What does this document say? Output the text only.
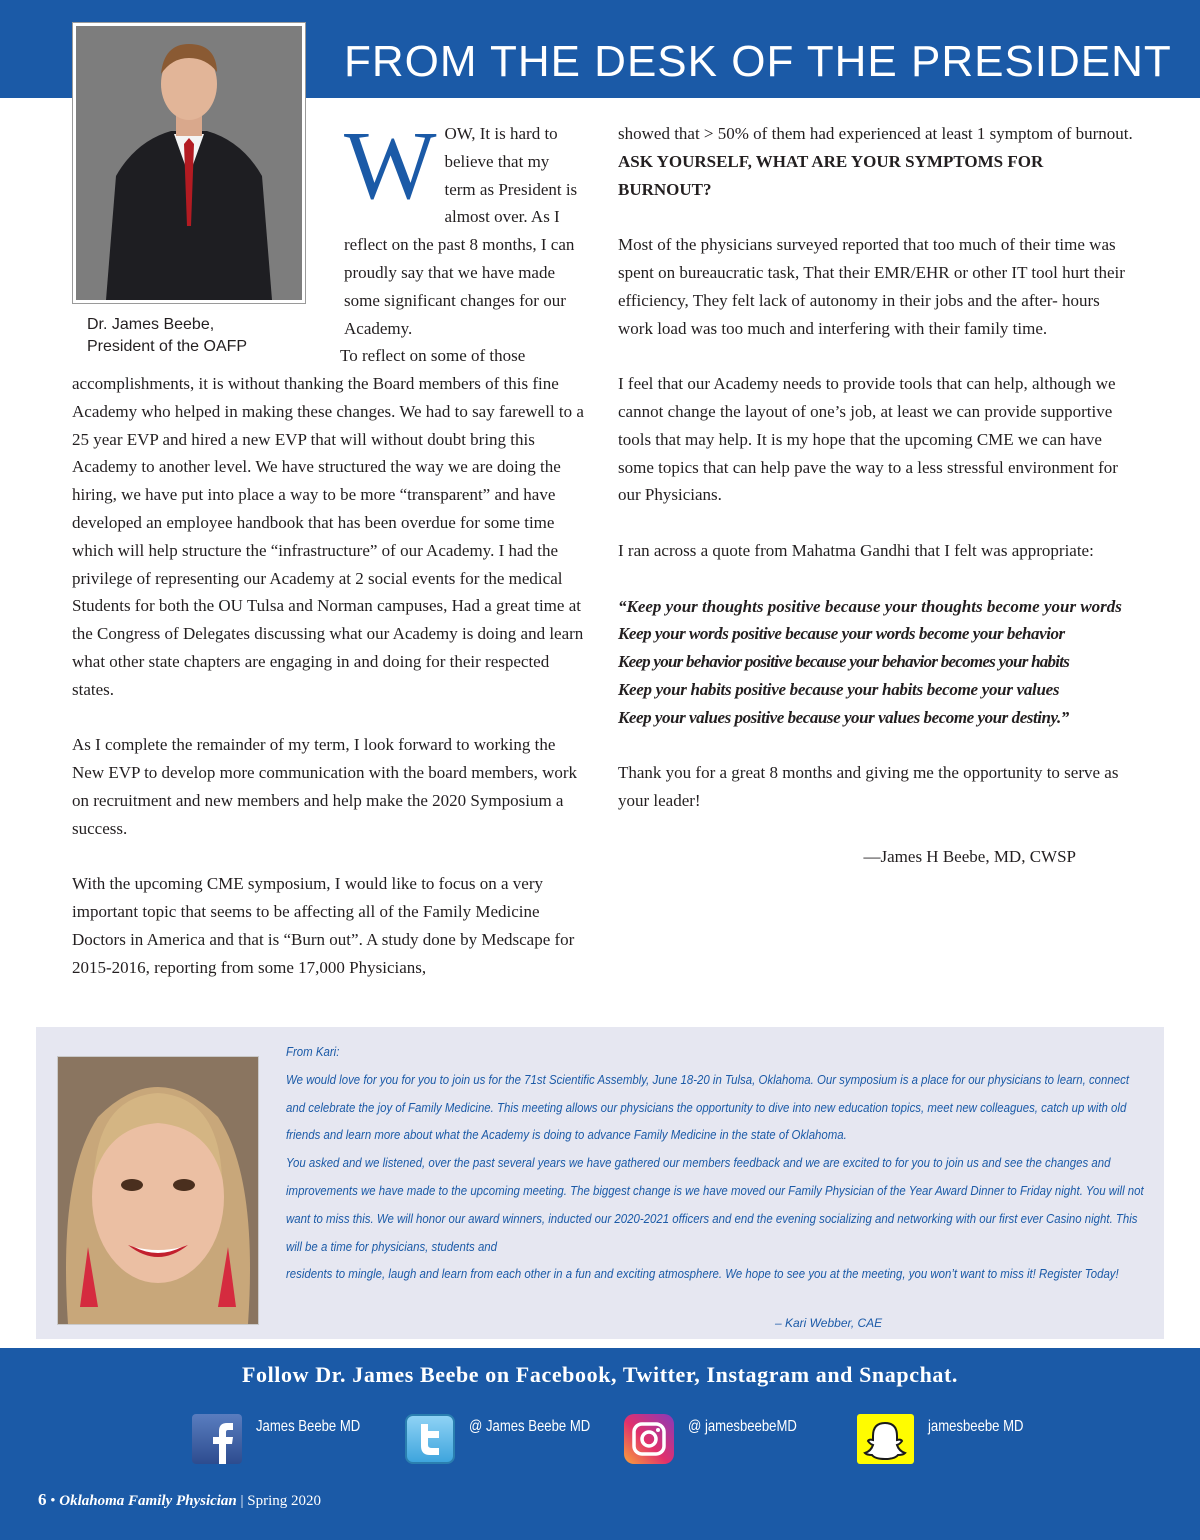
FROM THE DESK OF THE PRESIDENT
Dr. James Beebe,
President of the OAFP
WOW, It is hard to believe that my term as President is almost over. As I reflect on the past 8 months, I can proudly say that we have made some significant changes for our Academy.
To reflect on some of those

accomplishments, it is without thanking the Board members of this fine Academy who helped in making these changes. We had to say farewell to a 25 year EVP and hired a new EVP that will without doubt bring this Academy to another level. We have structured the way we are doing the hiring, we have put into place a way to be more “transparent” and have developed an employee handbook that has been overdue for some time which will help structure the “infrastructure” of our Academy. I had the privilege of representing our Academy at 2 social events for the medical Students for both the OU Tulsa and Norman campuses, Had a great time at the Congress of Delegates discussing what our Academy is doing and learn what other state chapters are engaging in and doing for their respected states.

As I complete the remainder of my term, I look forward to working the New EVP to develop more communication with the board members, work on recruitment and new members and help make the 2020 Symposium a success.

With the upcoming CME symposium, I would like to focus on a very important topic that seems to be affecting all of the Family Medicine Doctors in America and that is “Burn out”. A study done by Medscape for 2015-2016, reporting from some 17,000 Physicians,

showed that > 50% of them had experienced at least 1 symptom of burnout. ASK YOURSELF, WHAT ARE YOUR SYMPTOMS FOR BURNOUT?

Most of the physicians surveyed reported that too much of their time was spent on bureaucratic task, That their EMR/EHR or other IT tool hurt their efficiency, They felt lack of autonomy in their jobs and the after- hours work load was too much and interfering with their family time.

I feel that our Academy needs to provide tools that can help, although we cannot change the layout of one’s job, at least we can provide supportive tools that may help. It is my hope that the upcoming CME we can have some topics that can help pave the way to a less stressful environment for our Physicians.

I ran across a quote from Mahatma Gandhi that I felt was appropriate:

“Keep your thoughts positive because your thoughts become your words
Keep your words positive because your words become your behavior
Keep your behavior positive because your behavior becomes your habits
Keep your habits positive because your habits become your values
Keep your values positive because your values become your destiny.”

Thank you for a great 8 months and giving me the opportunity to serve as your leader!

—James H Beebe, MD, CWSP
From Kari:
We would love for you for you to join us for the 71st Scientific Assembly, June 18-20 in Tulsa, Oklahoma. Our symposium is a place for our physicians to learn, connect and celebrate the joy of Family Medicine. This meeting allows our physicians the opportunity to dive into new education topics, meet new colleagues, catch up with old friends and learn more about what the Academy is doing to advance Family Medicine in the state of Oklahoma.
You asked and we listened, over the past several years we have gathered our members feedback and we are excited to for you to join us and see the changes and improvements we have made to the upcoming meeting. The biggest change is we have moved our Family Physician of the Year Award Dinner to Friday night. You will not want to miss this. We will honor our award winners, inducted our 2020-2021 officers and end the evening socializing and networking with our first ever Casino night. This will be a time for physicians, students and
residents to mingle, laugh and learn from each other in a fun and exciting atmosphere. We hope to see you at the meeting, you won’t want to miss it! Register Today!
– Kari Webber, CAE
Follow Dr. James Beebe on Facebook, Twitter, Instagram and Snapchat.
James Beebe MD	@ James Beebe MD	@ jamesbeebeMD	jamesbeebe MD
6 • Oklahoma Family Physician | Spring 2020
